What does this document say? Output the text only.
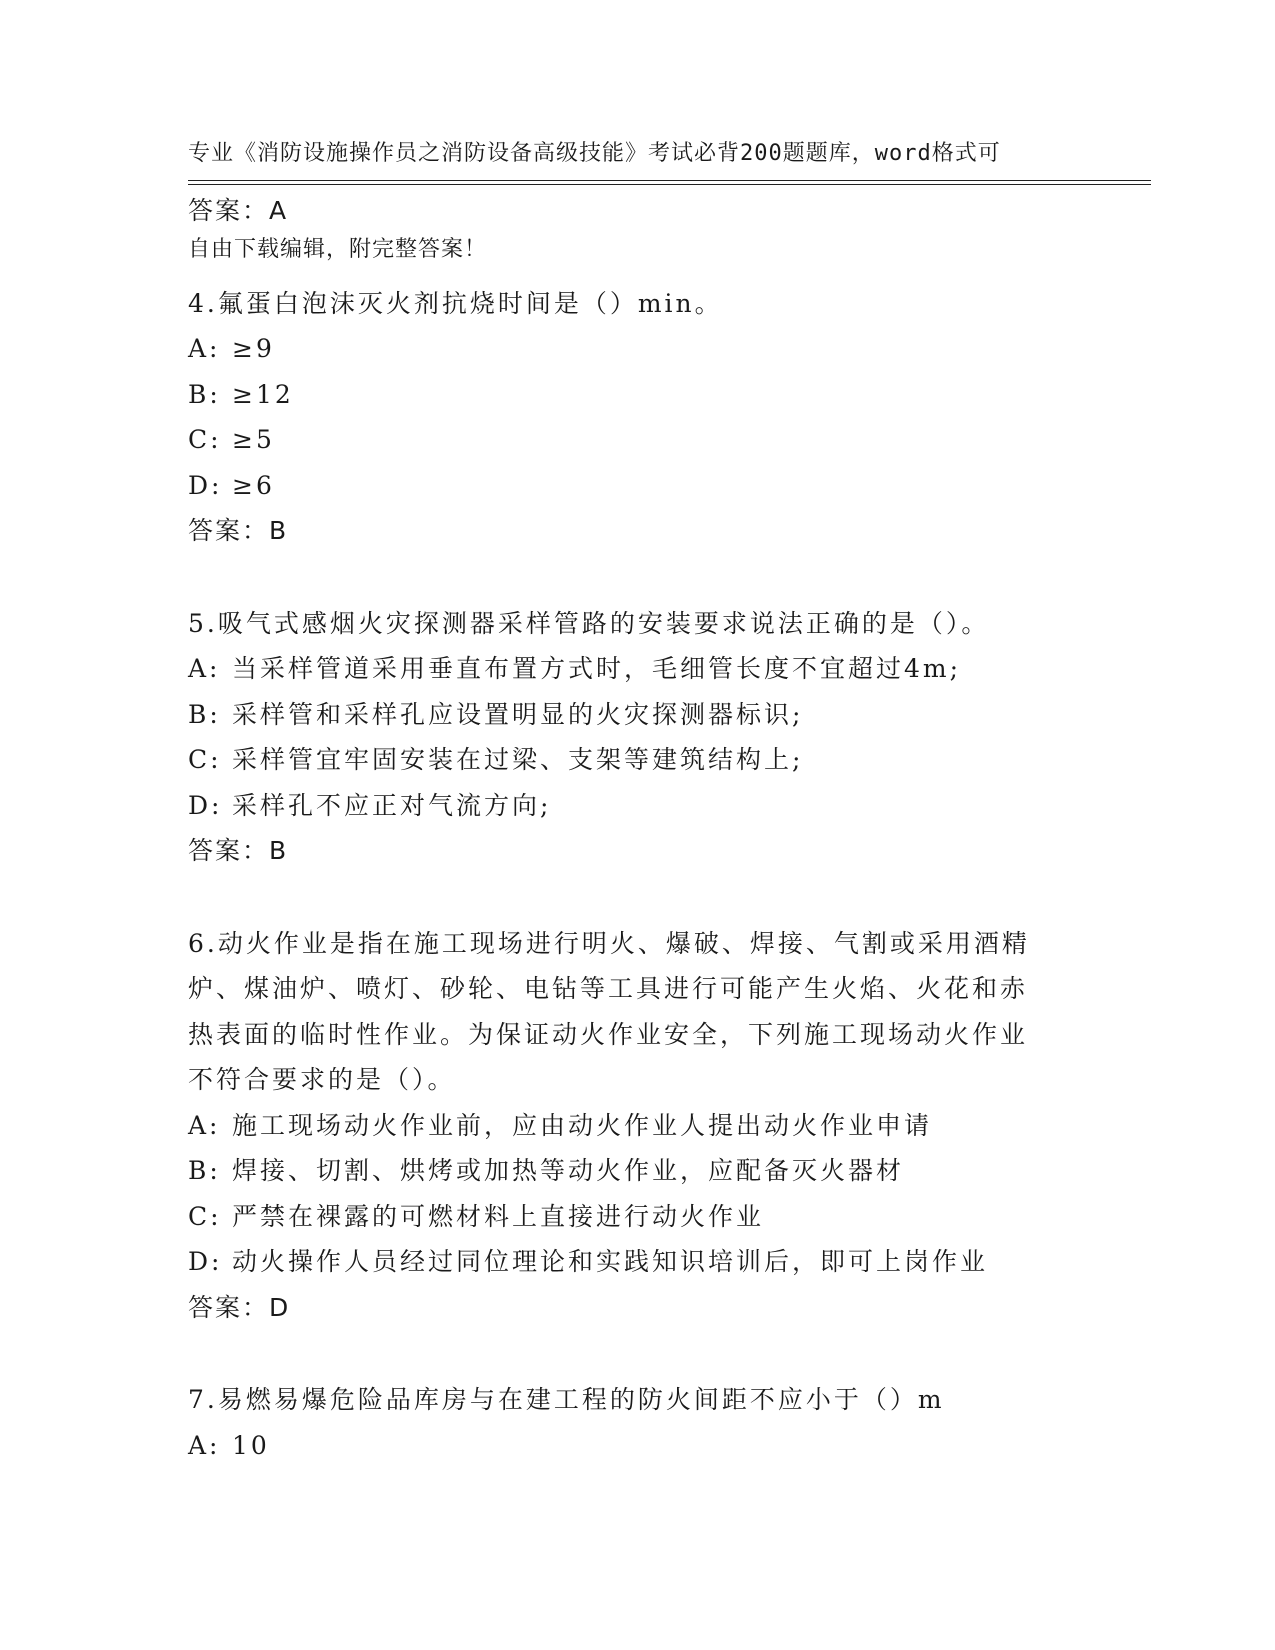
专业《消防设施操作员之消防设备高级技能》考试必背200题题库，word格式可

自由下载编辑，附完整答案！

答案：A
4.氟蛋白泡沫灭火剂抗烧时间是（）min。
A: ≥9
B: ≥12
C: ≥5
D: ≥6
答案：B
5.吸气式感烟火灾探测器采样管路的安装要求说法正确的是（）。
A: 当采样管道采用垂直布置方式时，毛细管长度不宜超过4m;
B: 采样管和采样孔应设置明显的火灾探测器标识;
C: 采样管宜牢固安装在过梁、支架等建筑结构上;
D: 采样孔不应正对气流方向;
答案：B
6.动火作业是指在施工现场进行明火、爆破、焊接、气割或采用酒精
炉、煤油炉、喷灯、砂轮、电钻等工具进行可能产生火焰、火花和赤
热表面的临时性作业。为保证动火作业安全，下列施工现场动火作业
不符合要求的是（）。
A: 施工现场动火作业前，应由动火作业人提出动火作业申请
B: 焊接、切割、烘烤或加热等动火作业，应配备灭火器材
C: 严禁在裸露的可燃材料上直接进行动火作业
D: 动火操作人员经过同位理论和实践知识培训后，即可上岗作业
答案：D
7.易燃易爆危险品库房与在建工程的防火间距不应小于（）m
A: 10
